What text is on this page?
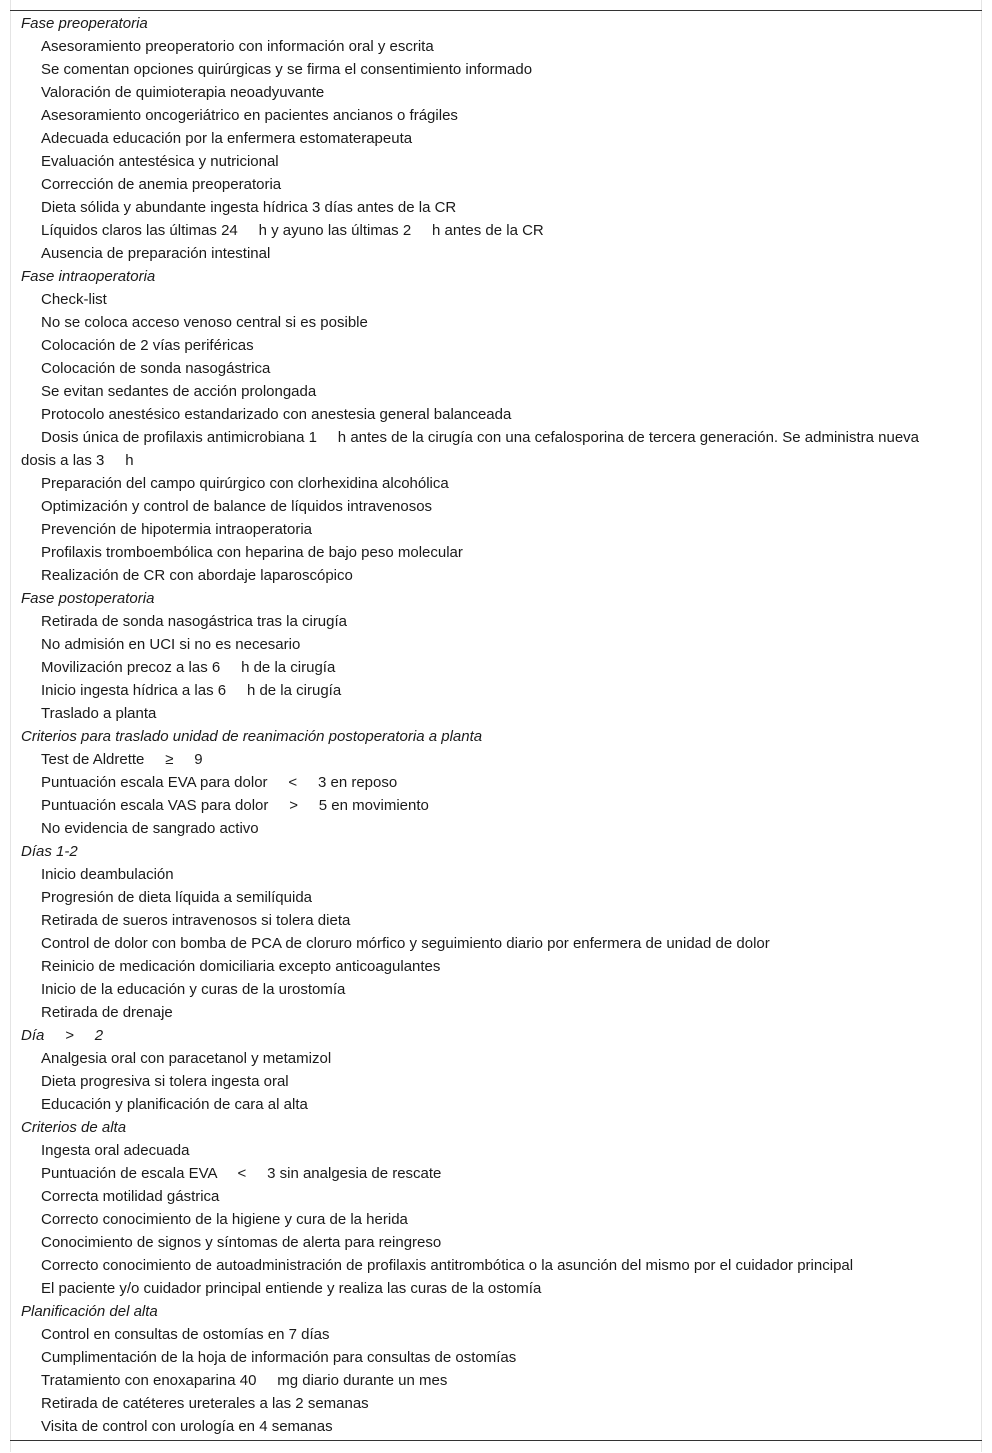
Fase preoperatoria
Asesoramiento preoperatorio con información oral y escrita
Se comentan opciones quirúrgicas y se firma el consentimiento informado
Valoración de quimioterapia neoadyuvante
Asesoramiento oncogeriátrico en pacientes ancianos o frágiles
Adecuada educación por la enfermera estomaterapeuta
Evaluación antestésica y nutricional
Corrección de anemia preoperatoria
Dieta sólida y abundante ingesta hídrica 3 días antes de la CR
Líquidos claros las últimas 24     h y ayuno las últimas 2     h antes de la CR
Ausencia de preparación intestinal
Fase intraoperatoria
Check-list
No se coloca acceso venoso central si es posible
Colocación de 2 vías periféricas
Colocación de sonda nasogástrica
Se evitan sedantes de acción prolongada
Protocolo anestésico estandarizado con anestesia general balanceada
Dosis única de profilaxis antimicrobiana 1     h antes de la cirugía con una cefalosporina de tercera generación. Se administra nueva dosis a las 3     h
Preparación del campo quirúrgico con clorhexidina alcohólica
Optimización y control de balance de líquidos intravenosos
Prevención de hipotermia intraoperatoria
Profilaxis tromboembólica con heparina de bajo peso molecular
Realización de CR con abordaje laparoscópico
Fase postoperatoria
Retirada de sonda nasogástrica tras la cirugía
No admisión en UCI si no es necesario
Movilización precoz a las 6     h de la cirugía
Inicio ingesta hídrica a las 6     h de la cirugía
Traslado a planta
Criterios para traslado unidad de reanimación postoperatoria a planta
Test de Aldrette     ≥     9
Puntuación escala EVA para dolor     <     3 en reposo
Puntuación escala VAS para dolor     >     5 en movimiento
No evidencia de sangrado activo
Días 1-2
Inicio deambulación
Progresión de dieta líquida a semilíquida
Retirada de sueros intravenosos si tolera dieta
Control de dolor con bomba de PCA de cloruro mórfico y seguimiento diario por enfermera de unidad de dolor
Reinicio de medicación domiciliaria excepto anticoagulantes
Inicio de la educación y curas de la urostomía
Retirada de drenaje
Día     >     2
Analgesia oral con paracetanol y metamizol
Dieta progresiva si tolera ingesta oral
Educación y planificación de cara al alta
Criterios de alta
Ingesta oral adecuada
Puntuación de escala EVA     <     3 sin analgesia de rescate
Correcta motilidad gástrica
Correcto conocimiento de la higiene y cura de la herida
Conocimiento de signos y síntomas de alerta para reingreso
Correcto conocimiento de autoadministración de profilaxis antitrombótica o la asunción del mismo por el cuidador principal
El paciente y/o cuidador principal entiende y realiza las curas de la ostomía
Planificación del alta
Control en consultas de ostomías en 7 días
Cumplimentación de la hoja de información para consultas de ostomías
Tratamiento con enoxaparina 40     mg diario durante un mes
Retirada de catéteres ureterales a las 2 semanas
Visita de control con urología en 4 semanas
